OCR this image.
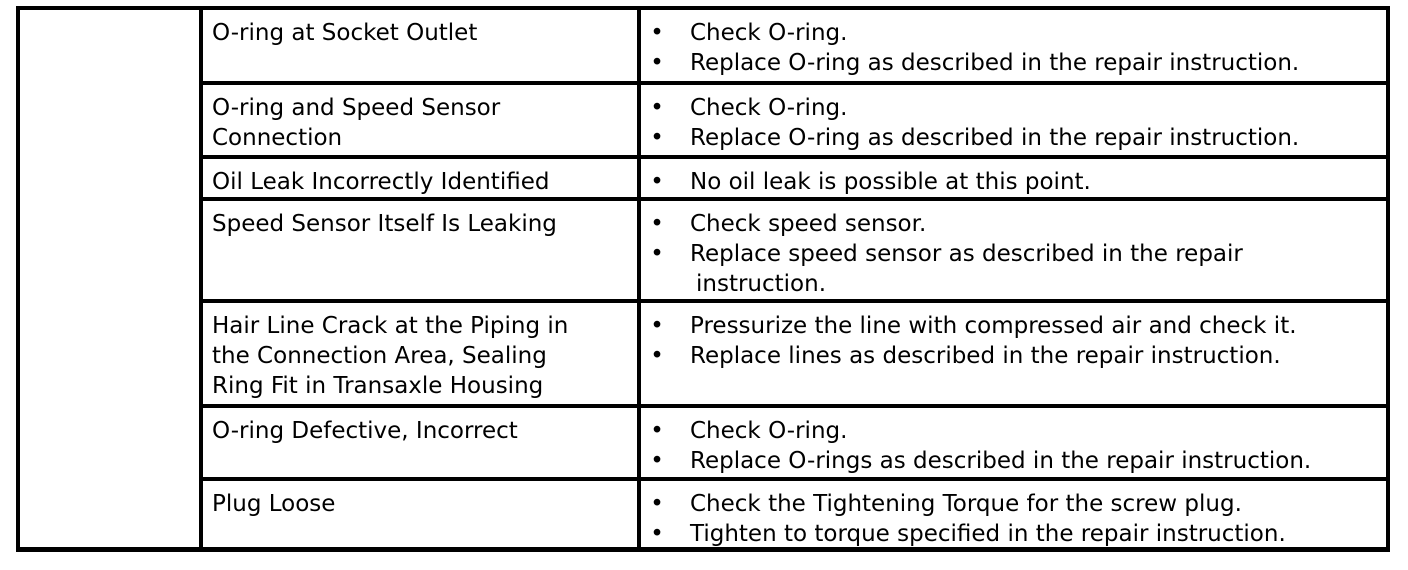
O-ring at Socket Outlet	• Check O-ring.
• Replace O-ring as described in the repair instruction.
O-ring and Speed Sensor
Connection
• Check O-ring.
• Replace O-ring as described in the repair instruction.
Oil Leak Incorrectly Identified	• No oil leak is possible at this point.
Speed Sensor Itself Is Leaking	• Check speed sensor.
• Replace speed sensor as described in the repair
instruction.
Hair Line Crack at the Piping in
the Connection Area, Sealing
Ring Fit in Transaxle Housing
• Pressurize the line with compressed air and check it.
• Replace lines as described in the repair instruction.
O-ring Defective, Incorrect	• Check O-ring.
• Replace O-rings as described in the repair instruction.
Plug Loose	• Check the Tightening Torque for the screw plug.
• Tighten to torque specified in the repair instruction.
